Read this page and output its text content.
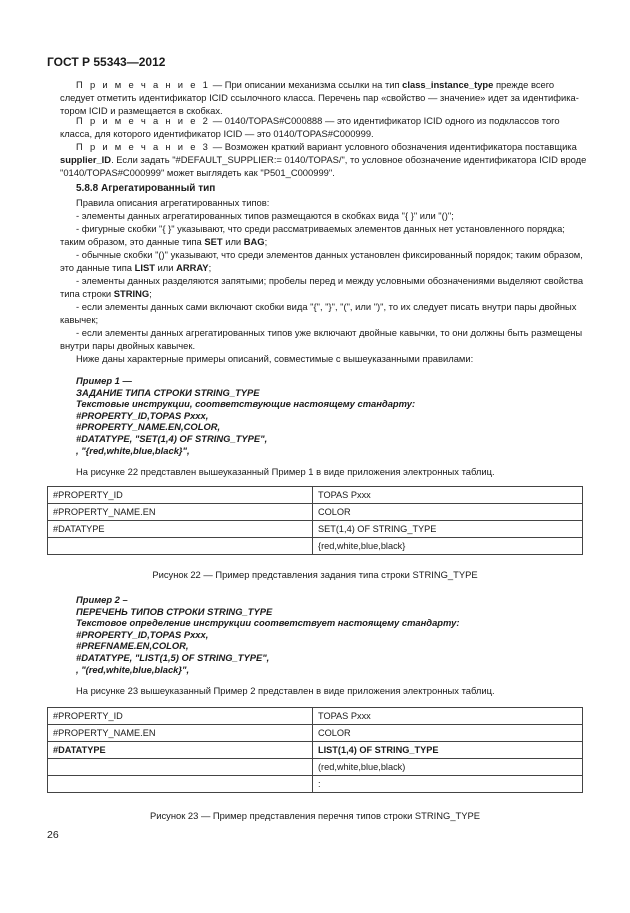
ГОСТ Р 55343—2012
П р и м е ч а н и е 1 — При описании механизма ссылки на тип class_instance_type прежде всего следует отметить идентификатор ICID ссылочного класса. Перечень пар «свойство — значение» идет за идентификатором ICID и размещается в скобках.
П р и м е ч а н и е 2 — 0140/TOPAS#C000888 — это идентификатор ICID одного из подклассов того класса, для которого идентификатор ICID — это 0140/TOPAS#C000999.
П р и м е ч а н и е 3 — Возможен краткий вариант условного обозначения идентификатора поставщика supplier_ID. Если задать "#DEFAULT_SUPPLIER:= 0140/TOPAS/", то условное обозначение идентификатора ICID вроде "0140/TOPAS#C000999" может выглядеть как "P501_C000999".
5.8.8 Агрегатированный тип
Правила описания агрегатированных типов:
- элементы данных агрегатированных типов размещаются в скобках вида "{ }" или "()";
- фигурные скобки "{ }" указывают, что среди рассматриваемых элементов данных нет установленного порядка; таким образом, это данные типа SET или BAG;
- обычные скобки "()" указывают, что среди элементов данных установлен фиксированный порядок; таким образом, это данные типа LIST или ARRAY;
- элементы данных разделяются запятыми; пробелы перед и между условными обозначениями выделяют свойства типа строки STRING;
- если элементы данных сами включают скобки вида "{", "}", "(", или ")", то их следует писать внутри пары двойных кавычек;
- если элементы данных агрегатированных типов уже включают двойные кавычки, то они должны быть размещены внутри пары двойных кавычек.
Ниже даны характерные примеры описаний, совместимые с вышеуказанными правилами:
Пример 1 —
ЗАДАНИЕ ТИПА СТРОКИ STRING_TYPE
Текстовые инструкции, соответствующие настоящему стандарту:
#PROPERTY_ID,TOPAS Pxxx,
#PROPERTY_NAME.EN,COLOR,
#DATATYPE, "SET(1,4) OF STRING_TYPE",
, "{red,white,blue,black}",
На рисунке 22 представлен вышеуказанный Пример 1 в виде приложения электронных таблиц.
#PROPERTY_ID	TOPAS Pxxx
#PROPERTY_NAME.EN	COLOR
#DATATYPE	SET(1,4) OF STRING_TYPE
	{red,white,blue,black}
Рисунок 22 — Пример представления задания типа строки STRING_TYPE
Пример 2 –
ПЕРЕЧЕНЬ ТИПОВ СТРОКИ STRING_TYPE
Текстовое определение инструкции соответствует настоящему стандарту:
#PROPERTY_ID,TOPAS Pxxx,
#PREFNAME.EN,COLOR,
#DATATYPE, "LIST(1,5) OF STRING_TYPE",
, "(red,white,blue,black}",
На рисунке 23 вышеуказанный Пример 2 представлен в виде приложения электронных таблиц.
#PROPERTY_ID	TOPAS Pxxx
#PROPERTY_NAME.EN	COLOR
#DATATYPE	LIST(1,4) OF STRING_TYPE
	(red,white,blue,black)
	:
Рисунок 23 — Пример представления перечня типов строки STRING_TYPE
26
